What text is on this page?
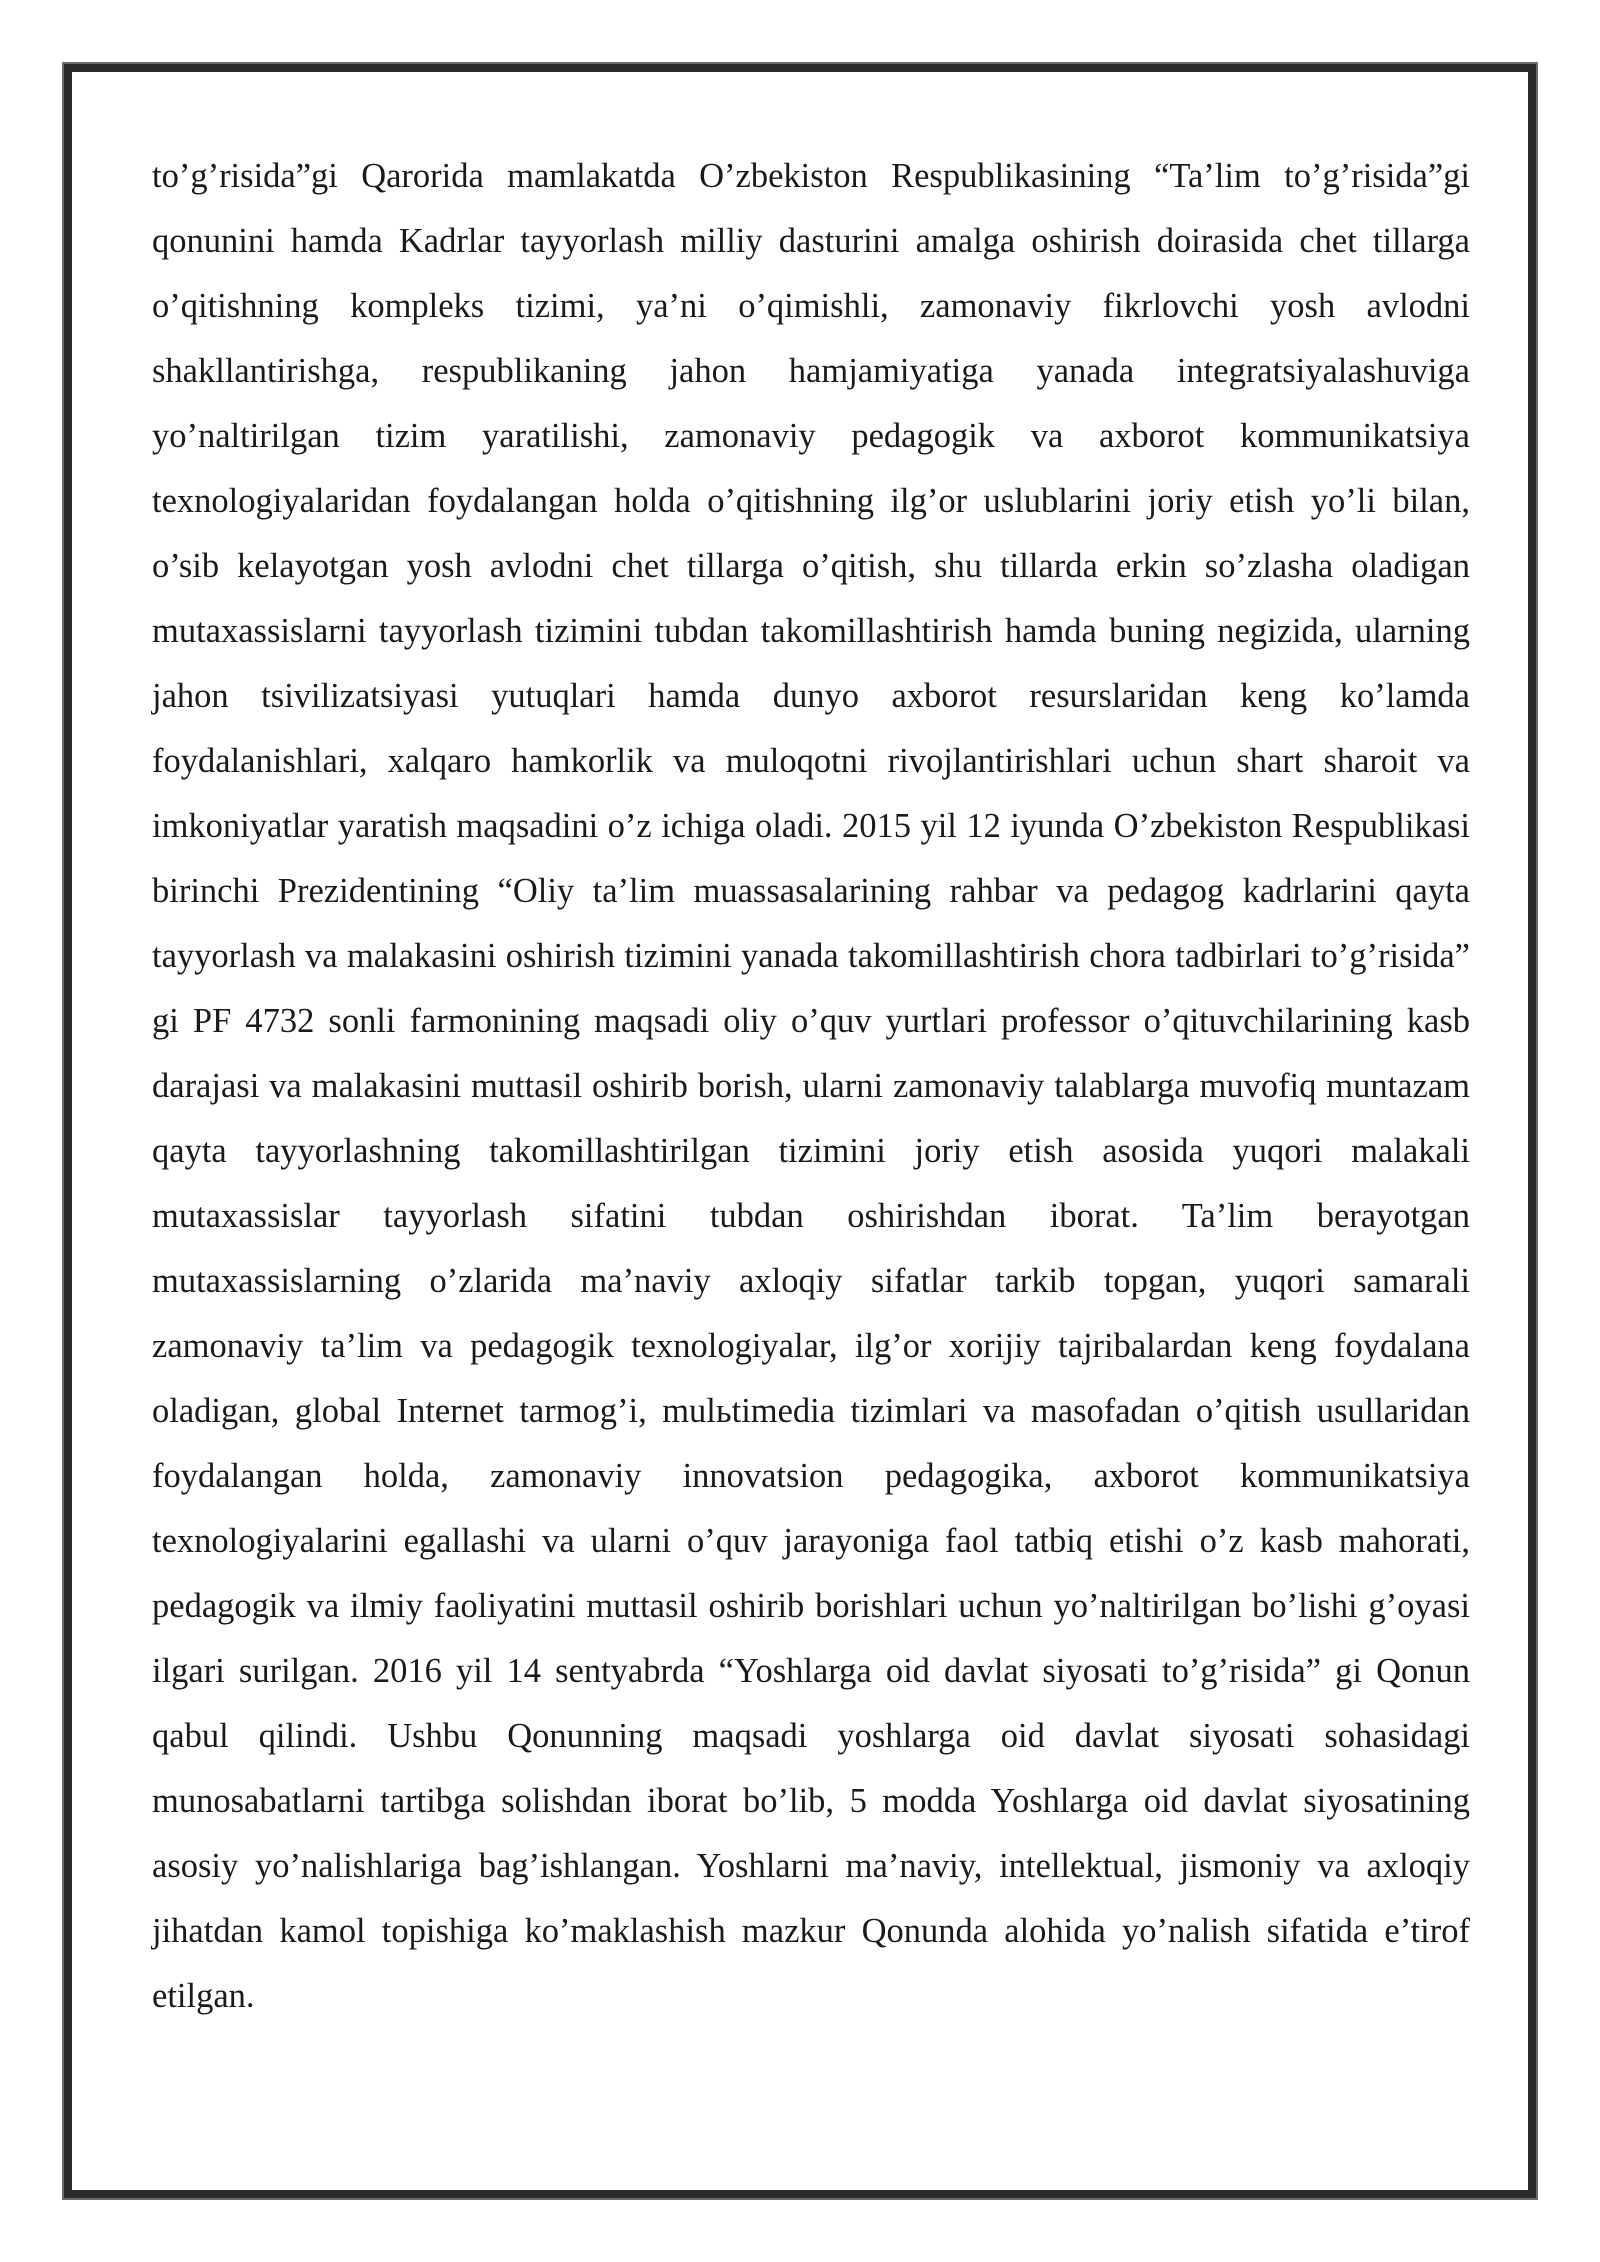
to’g’risida”gi Qarorida mamlakatda O’zbekiston Respublikasining “Ta’lim to’g’risida”gi qonunini hamda Kadrlar tayyorlash milliy dasturini amalga oshirish doirasida chet tillarga o’qitishning kompleks tizimi, ya’ni o’qimishli, zamonaviy fikrlovchi yosh avlodni shakllantirishga, respublikaning jahon hamjamiyatiga yanada integratsiyalashuviga yo’naltirilgan tizim yaratilishi, zamonaviy pedagogik va axborot kommunikatsiya texnologiyalaridan foydalangan holda o’qitishning ilg’or uslublarini joriy etish yo’li bilan, o’sib kelayotgan yosh avlodni chet tillarga o’qitish, shu tillarda erkin so’zlasha oladigan mutaxassislarni tayyorlash tizimini tubdan takomillashtirish hamda buning negizida, ularning jahon tsivilizatsiyasi yutuqlari hamda dunyo axborot resurslaridan keng ko’lamda foydalanishlari, xalqaro hamkorlik va muloqotni rivojlantirishlari uchun shart sharoit va imkoniyatlar yaratish maqsadini o’z ichiga oladi. 2015 yil 12 iyunda O’zbekiston Respublikasi birinchi Prezidentining “Oliy ta’lim muassasalarining rahbar va pedagog kadrlarini qayta tayyorlash va malakasini oshirish tizimini yanada takomillashtirish chora tadbirlari to’g’risida” gi PF 4732 sonli farmonining maqsadi oliy o’quv yurtlari professor o’qituvchilarining kasb darajasi va malakasini muttasil oshirib borish, ularni zamonaviy talablarga muvofiq muntazam qayta tayyorlashning takomillashtirilgan tizimini joriy etish asosida yuqori malakali mutaxassislar tayyorlash sifatini tubdan oshirishdan iborat. Ta’lim berayotgan mutaxassislarning o’zlarida ma’naviy axloqiy sifatlar tarkib topgan, yuqori samarali zamonaviy ta’lim va pedagogik texnologiyalar, ilg’or xorijiy tajribalardan keng foydalana oladigan, global Internet tarmog’i, mulьtimedia tizimlari va masofadan o’qitish usullaridan foydalangan holda, zamonaviy innovatsion pedagogika, axborot kommunikatsiya texnologiyalarini egallashi va ularni o’quv jarayoniga faol tatbiq etishi o’z kasb mahorati, pedagogik va ilmiy faoliyatini muttasil oshirib borishlari uchun yo’naltirilgan bo’lishi g’oyasi ilgari surilgan. 2016 yil 14 sentyabrda “Yoshlarga oid davlat siyosati to’g’risida” gi Qonun qabul qilindi. Ushbu Qonunning maqsadi yoshlarga oid davlat siyosati sohasidagi munosabatlarni tartibga solishdan iborat bo’lib, 5 modda Yoshlarga oid davlat siyosatining asosiy yo’nalishlariga bag’ishlangan. Yoshlarni ma’naviy, intellektual, jismoniy va axloqiy jihatdan kamol topishiga ko’maklashish mazkur Qonunda alohida yo’nalish sifatida e’tirof etilgan.
